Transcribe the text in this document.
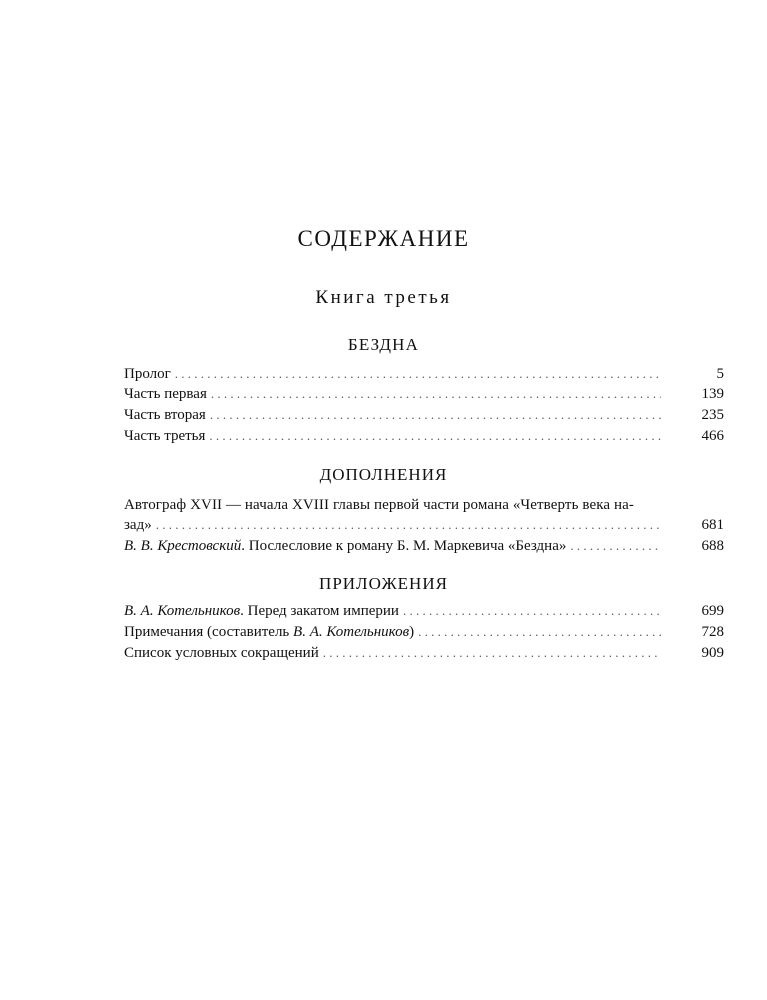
СОДЕРЖАНИЕ
Книга третья
БЕЗДНА
Пролог . . .	5
Часть первая . . .	139
Часть вторая . . .	235
Часть третья . . .	466
ДОПОЛНЕНИЯ
Автограф XVII — начала XVIII главы первой части романа «Четверть века на-
зад» . . .	681
В. В. Крестовский. Послесловие к роману Б. М. Маркевича «Бездна» . . .	688
ПРИЛОЖЕНИЯ
В. А. Котельников. Перед закатом империи . . .	699
Примечания (составитель В. А. Котельников) . . .	728
Список условных сокращений . . .	909
